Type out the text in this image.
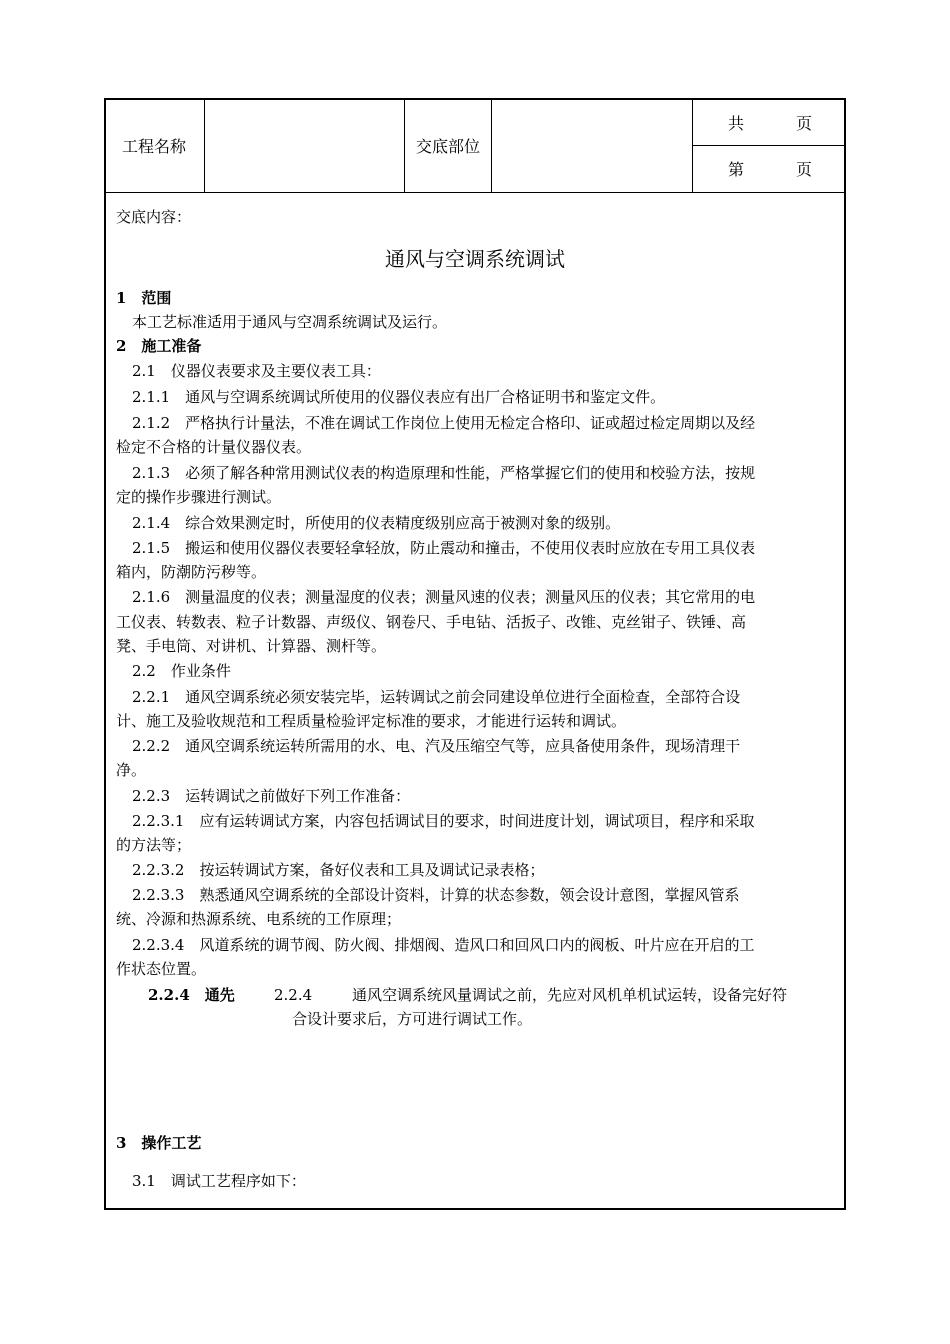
工程名称	交底部位
共	页
第	页
交底内容：
通风与空调系统调试
1　范围
本工艺标准适用于通风与空凋系统调试及运行。
2　施工准备
2.1　仪器仪表要求及主要仪表工具：
2.1.1　通风与空调系统调试所使用的仪器仪表应有出厂合格证明书和鉴定文件。
2.1.2　严格执行计量法，不准在调试工作岗位上使用无检定合格印、证或超过检定周期以及经
检定不合格的计量仪器仪表。
2.1.3　必须了解各种常用测试仪表的构造原理和性能，严格掌握它们的使用和校验方法，按规
定的操作步骤进行测试。
2.1.4　综合效果测定时，所使用的仪表精度级别应高于被测对象的级别。
2.1.5　搬运和使用仪器仪表要轻拿轻放，防止震动和撞击，不使用仪表时应放在专用工具仪表
箱内，防潮防污秽等。
2.1.6　测量温度的仪表；测量湿度的仪表；测量风速的仪表；测量风压的仪表；其它常用的电
工仪表、转数表、粒子计数器、声级仪、钢卷尺、手电钻、活扳子、改锥、克丝钳子、铁锤、高
凳、手电筒、对讲机、计算器、测杆等。
2.2　作业条件
2.2.1　通风空调系统必须安装完毕，运转调试之前会同建设单位进行全面检查，全部符合设
计、施工及验收规范和工程质量检验评定标准的要求，才能进行运转和调试。
2.2.2　通风空调系统运转所需用的水、电、汽及压缩空气等，应具备使用条件，现场清理干
净。
2.2.3　运转调试之前做好下列工作准备：
2.2.3.1　应有运转调试方案，内容包括调试目的要求，时间进度计划，调试项目，程序和采取
的方法等；
2.2.3.2　按运转调试方案，备好仪表和工具及调试记录表格；
2.2.3.3　熟悉通风空调系统的全部设计资料，计算的状态参数，领会设计意图，掌握风管系
统、冷源和热源系统、电系统的工作原理；
2.2.3.4　风道系统的调节阀、防火阀、排烟阀、造风口和回风口内的阀板、叶片应在开启的工
作状态位置。
2.2.4　通先	2.2.4	通风空调系统风量调试之前，先应对风机单机试运转，设备完好符
合设计要求后，方可进行调试工作。
3　操作工艺
3.1　调试工艺程序如下：
